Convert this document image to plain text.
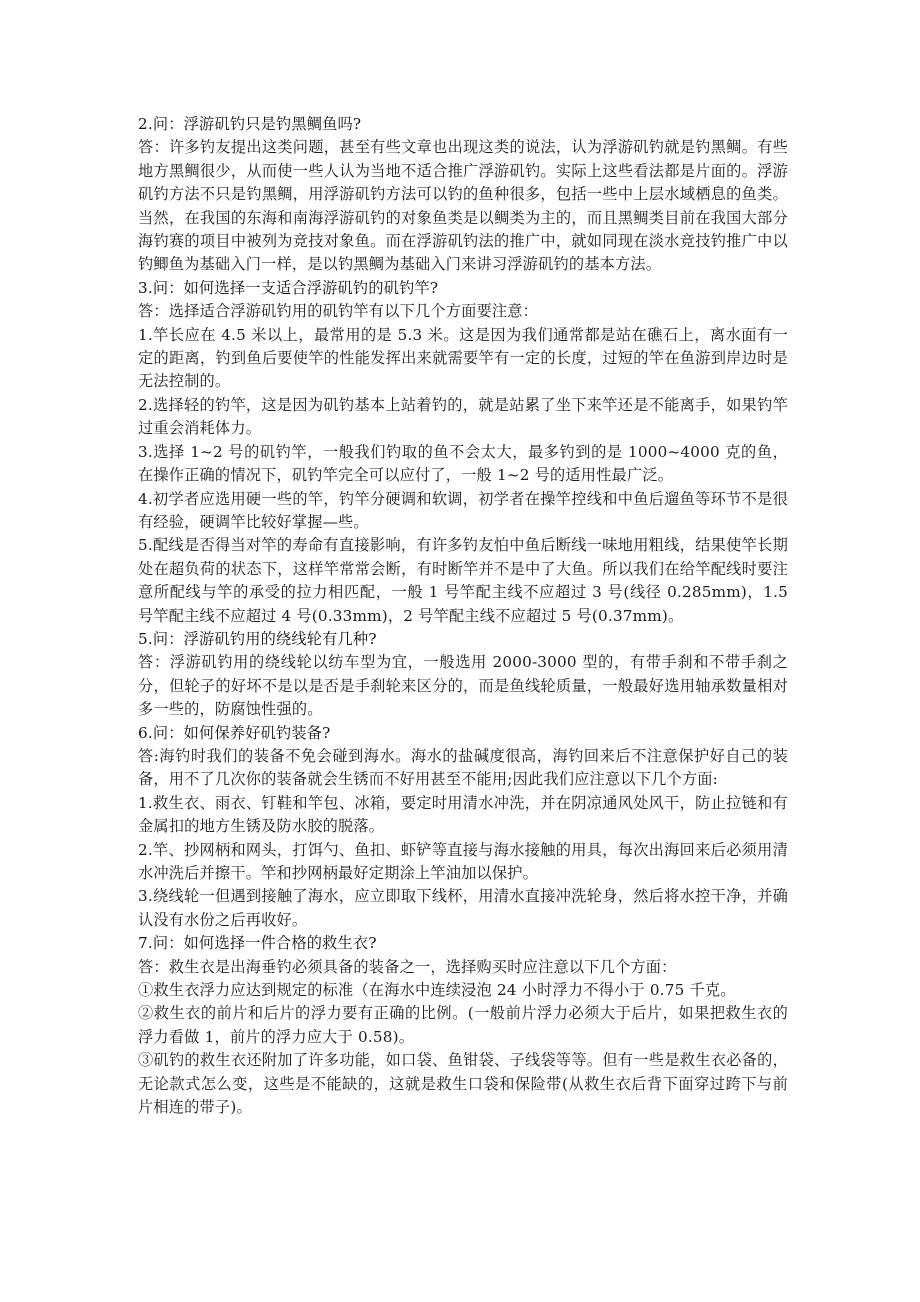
2.问：浮游矶钓只是钓黑鲷鱼吗?

答：许多钓友提出这类问题，甚至有些文章也出现这类的说法，认为浮游矶钓就是钓黑鲷。有些地方黑鲷很少，从而使一些人认为当地不适合推广浮游矶钓。实际上这些看法都是片面的。浮游矶钓方法不只是钓黑鲷，用浮游矶钓方法可以钓的鱼种很多，包括一些中上层水域栖息的鱼类。当然，在我国的东海和南海浮游矶钓的对象鱼类是以鲷类为主的，而且黑鲷类目前在我国大部分海钓赛的项目中被列为竞技对象鱼。而在浮游矶钓法的推广中，就如同现在淡水竞技钓推广中以钓鲫鱼为基础入门一样，是以钓黑鲷为基础入门来讲习浮游矶钓的基本方法。

3.问：如何选择一支适合浮游矶钓的矶钓竿?

答：选择适合浮游矶钓用的矶钓竿有以下几个方面要注意：

1.竿长应在 4.5 米以上，最常用的是 5.3 米。这是因为我们通常都是站在礁石上，离水面有一定的距离，钓到鱼后要使竿的性能发挥出来就需要竿有一定的长度，过短的竿在鱼游到岸边时是无法控制的。

2.选择轻的钓竿，这是因为矶钓基本上站着钓的，就是站累了坐下来竿还是不能离手，如果钓竿过重会消耗体力。

3.选择 1~2 号的矶钓竿，一般我们钓取的鱼不会太大，最多钓到的是 1000~4000 克的鱼，在操作正确的情况下，矶钓竿完全可以应付了，一般 1~2 号的适用性最广泛。

4.初学者应选用硬一些的竿，钓竿分硬调和软调，初学者在操竿控线和中鱼后遛鱼等环节不是很有经验，硬调竿比较好掌握—些。

5.配线是否得当对竿的寿命有直接影响，有许多钓友怕中鱼后断线一味地用粗线，结果使竿长期处在超负荷的状态下，这样竿常常会断，有时断竿并不是中了大鱼。所以我们在给竿配线时要注意所配线与竿的承受的拉力相匹配，一般 1 号竿配主线不应超过 3 号(线径 0.285mm)，1.5 号竿配主线不应超过 4 号(0.33mm)，2 号竿配主线不应超过 5 号(0.37mm)。

5.问：浮游矶钓用的绕线轮有几种?

答：浮游矶钓用的绕线轮以纺车型为宜，一般选用 2000-3000 型的，有带手刹和不带手刹之分，但轮子的好坏不是以是否是手刹轮来区分的，而是鱼线轮质量，一般最好选用轴承数量相对多一些的，防腐蚀性强的。

6.问：如何保养好矶钓装备?

答:海钓时我们的装备不免会碰到海水。海水的盐碱度很高，海钓回来后不注意保护好自己的装备，用不了几次你的装备就会生锈而不好用甚至不能用;因此我们应注意以下几个方面:

1.救生衣、雨衣、钉鞋和竿包、冰箱，要定时用清水冲洗，并在阴凉通风处风干，防止拉链和有金属扣的地方生锈及防水胶的脱落。

2.竿、抄网柄和网头，打饵勺、鱼扣、虾铲等直接与海水接触的用具，每次出海回来后必须用清水冲洗后并擦干。竿和抄网柄最好定期涂上竿油加以保护。

3.绕线轮一但遇到接触了海水，应立即取下线杯，用清水直接冲洗轮身，然后将水控干净，并确认没有水份之后再收好。

7.问：如何选择一件合格的救生衣?

答：救生衣是出海垂钓必须具备的装备之一，选择购买时应注意以下几个方面：

①救生衣浮力应达到规定的标准（在海水中连续浸泡 24 小时浮力不得小于 0.75 千克。

②救生衣的前片和后片的浮力要有正确的比例。(一般前片浮力必须大于后片，如果把救生衣的浮力看做 1，前片的浮力应大于 0.58)。

③矶钓的救生衣还附加了许多功能，如口袋、鱼钳袋、子线袋等等。但有一些是救生衣必备的，无论款式怎么变，这些是不能缺的，这就是救生口袋和保险带(从救生衣后背下面穿过跨下与前片相连的带子)。
